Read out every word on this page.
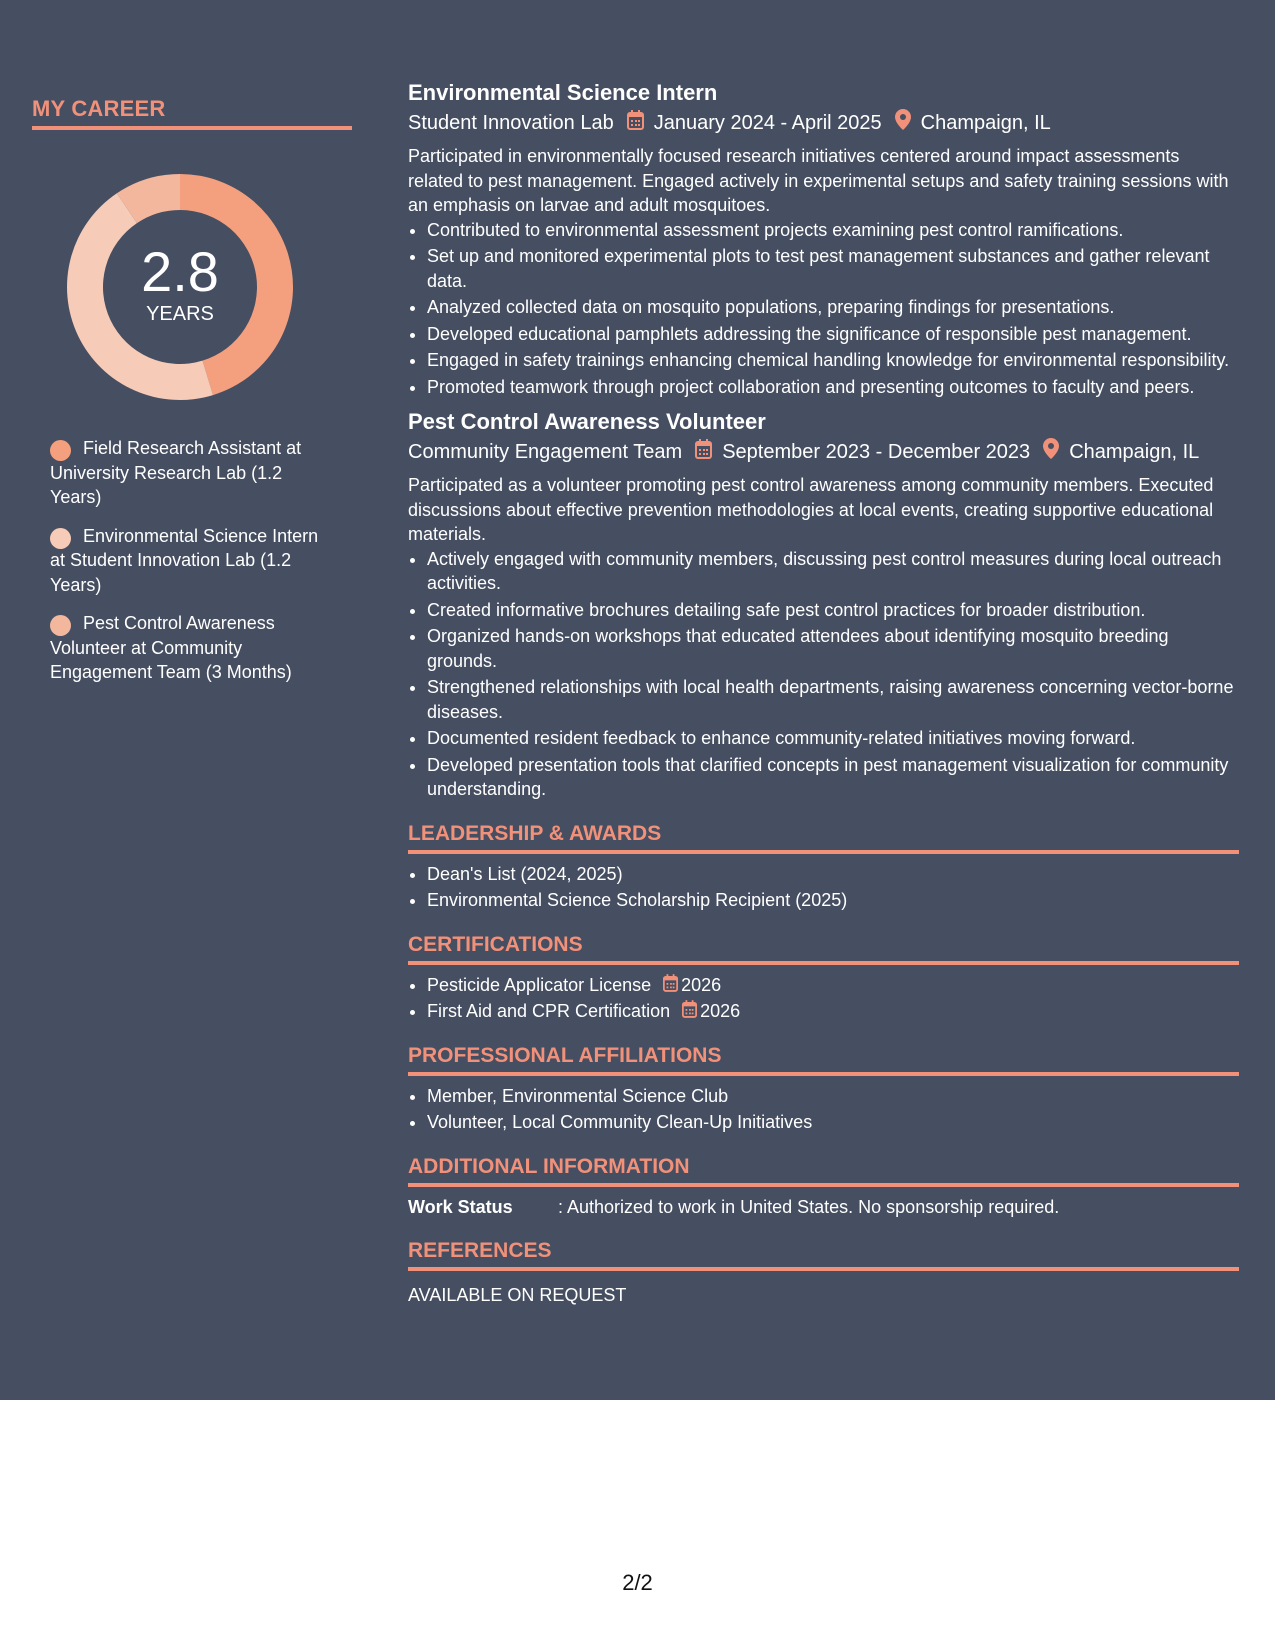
MY CAREER
2.8
YEARS
Field Research Assistant at University Research Lab (1.2 Years)
Environmental Science Intern at Student Innovation Lab (1.2 Years)
Pest Control Awareness Volunteer at Community Engagement Team (3 Months)
Environmental Science Intern
Student Innovation Lab January 2024 - April 2025 Champaign, IL

Participated in environmentally focused research initiatives centered around impact assessments related to pest management. Engaged actively in experimental setups and safety training sessions with an emphasis on larvae and adult mosquitoes.

• Contributed to environmental assessment projects examining pest control ramifications.
• Set up and monitored experimental plots to test pest management substances and gather relevant data.
• Analyzed collected data on mosquito populations, preparing findings for presentations.
• Developed educational pamphlets addressing the significance of responsible pest management.
• Engaged in safety trainings enhancing chemical handling knowledge for environmental responsibility.
• Promoted teamwork through project collaboration and presenting outcomes to faculty and peers.
Pest Control Awareness Volunteer
Community Engagement Team September 2023 - December 2023 Champaign, IL

Participated as a volunteer promoting pest control awareness among community members. Executed discussions about effective prevention methodologies at local events, creating supportive educational materials.

• Actively engaged with community members, discussing pest control measures during local outreach activities.
• Created informative brochures detailing safe pest control practices for broader distribution.
• Organized hands-on workshops that educated attendees about identifying mosquito breeding grounds.
• Strengthened relationships with local health departments, raising awareness concerning vector-borne diseases.
• Documented resident feedback to enhance community-related initiatives moving forward.
• Developed presentation tools that clarified concepts in pest management visualization for community understanding.
LEADERSHIP & AWARDS
• Dean's List (2024, 2025)
• Environmental Science Scholarship Recipient (2025)
CERTIFICATIONS
• Pesticide Applicator License 2026
• First Aid and CPR Certification 2026
PROFESSIONAL AFFILIATIONS
• Member, Environmental Science Club
• Volunteer, Local Community Clean-Up Initiatives
ADDITIONAL INFORMATION
Work Status	: Authorized to work in United States. No sponsorship required.
REFERENCES
AVAILABLE ON REQUEST
2/2
